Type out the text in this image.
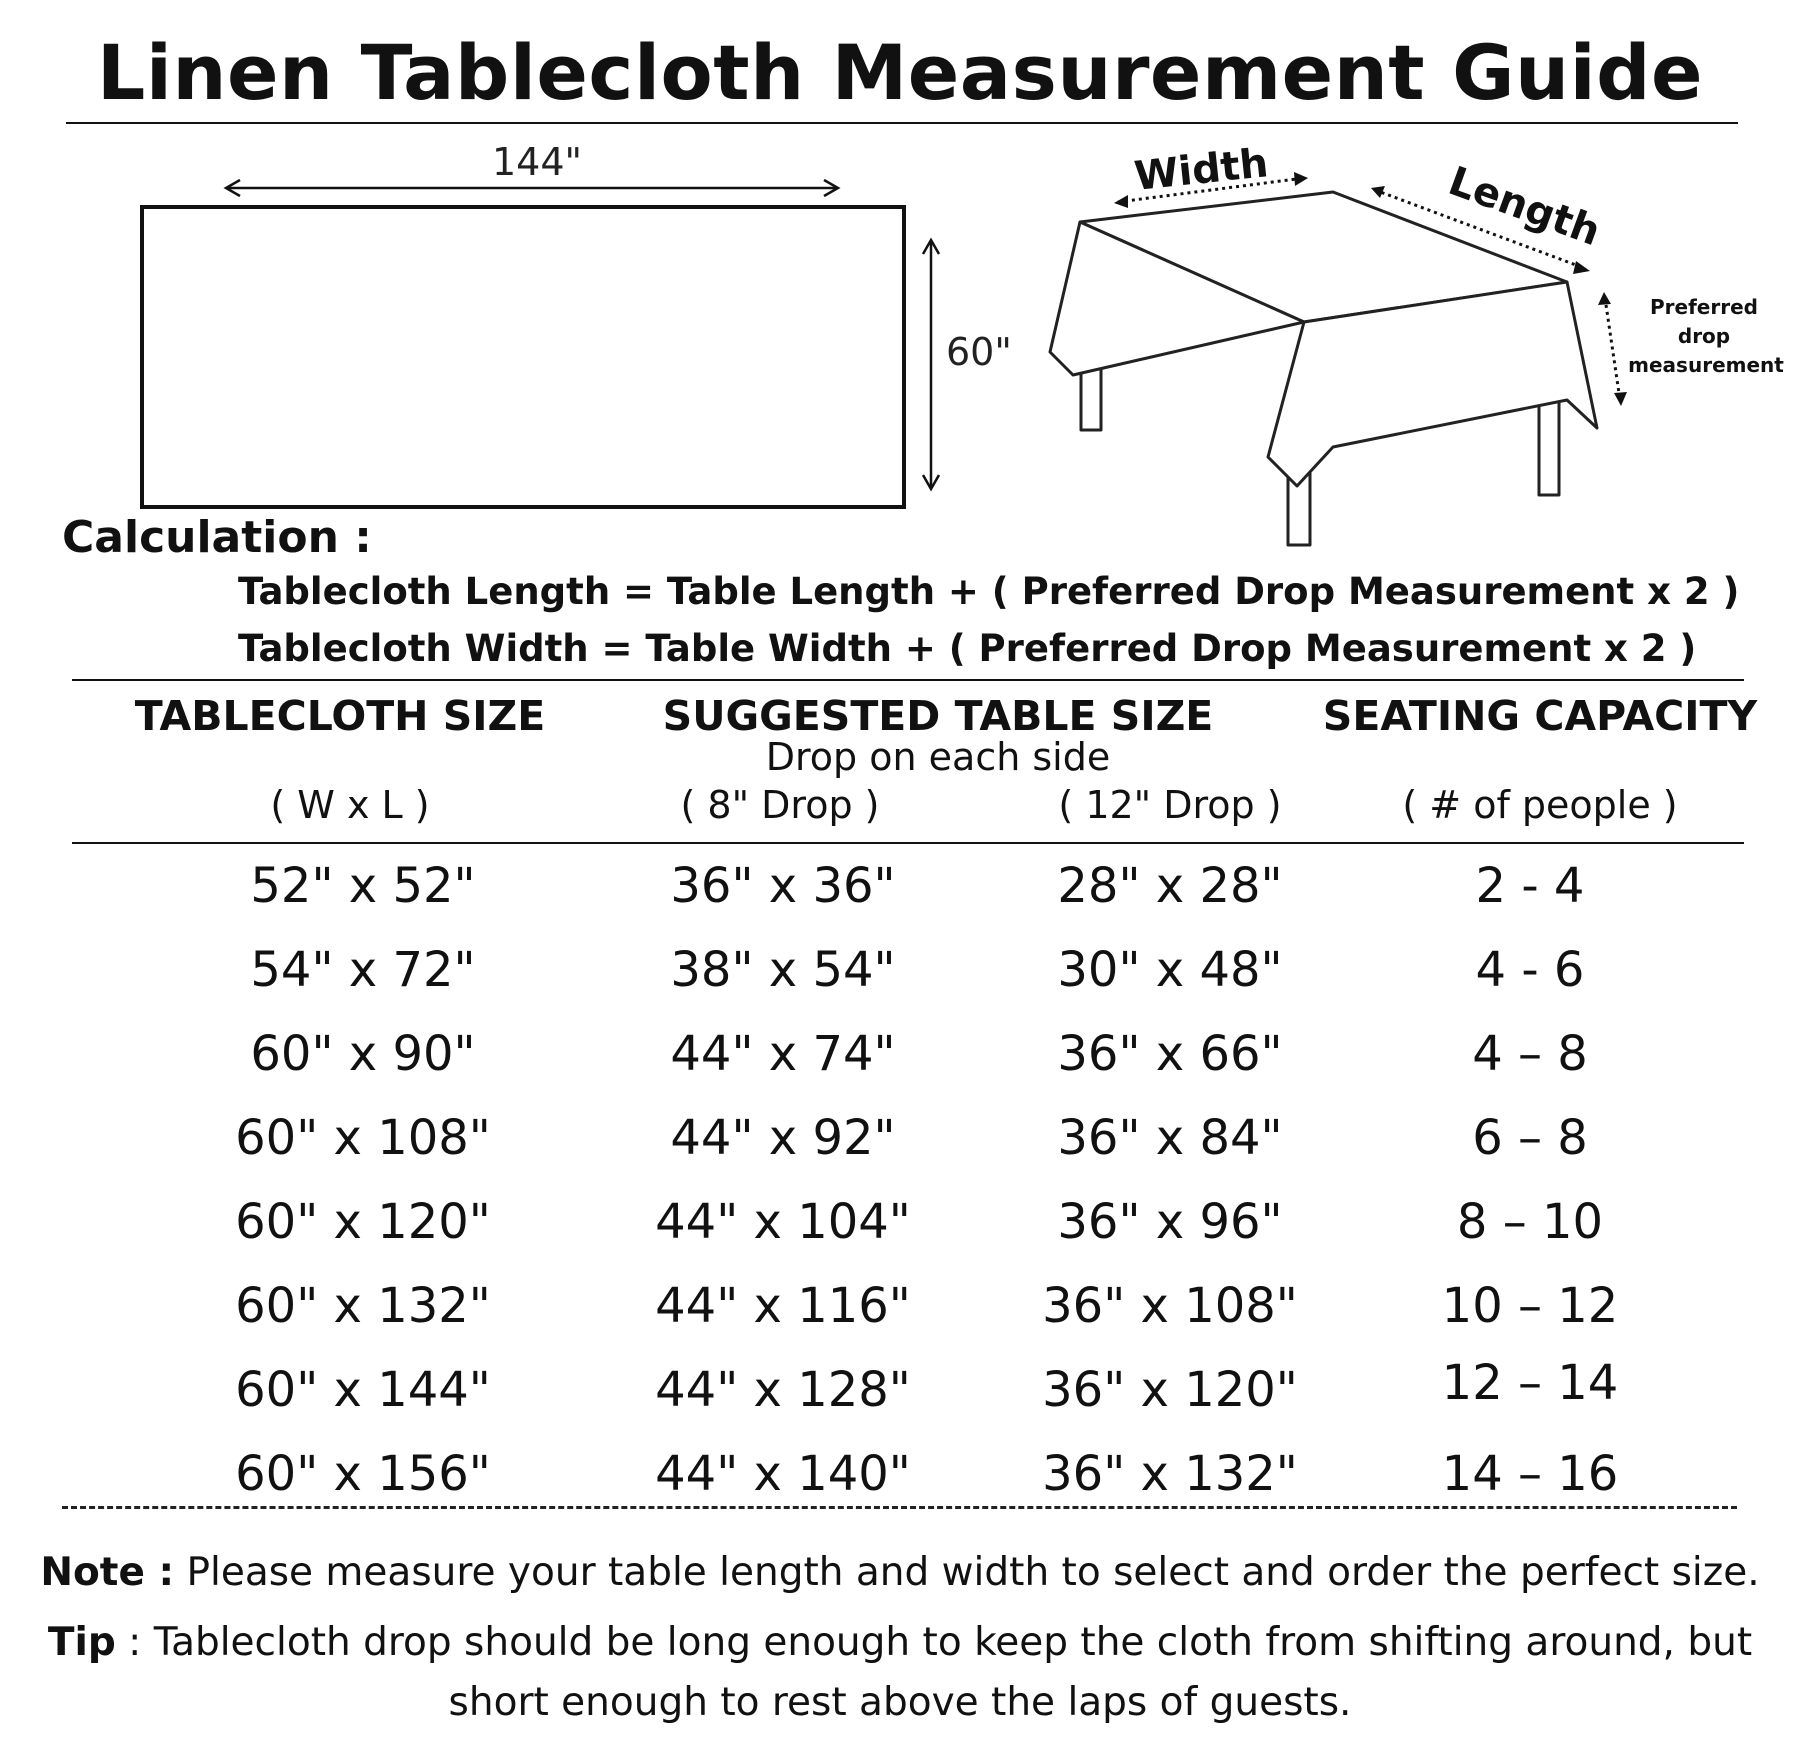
Linen Tablecloth Measurement Guide
144"
60"
Width	Length
Preferred
drop
measurement
Calculation :
Tablecloth Length = Table Length + ( Preferred Drop Measurement x 2 )
Tablecloth Width = Table Width + ( Preferred Drop Measurement x 2 )
TABLECLOTH SIZE	SUGGESTED TABLE SIZE	SEATING CAPACITY
Drop on each side
( W x L )	( 8" Drop )	( 12" Drop )	( # of people )
52" x 52"	36" x 36"	28" x 28"	2 - 4
54" x 72"	38" x 54"	30" x 48"	4 - 6
60" x 90"	44" x 74"	36" x 66"	4 – 8
60" x 108"	44" x 92"	36" x 84"	6 – 8
60" x 120"	44" x 104"	36" x 96"	8 – 10
60" x 132"	44" x 116"	36" x 108"	10 – 12
60" x 144"	44" x 128"	36" x 120"	12 – 14
60" x 156"	44" x 140"	36" x 132"	14 – 16
Note : Please measure your table length and width to select and order the perfect size.
Tip : Tablecloth drop should be long enough to keep the cloth from shifting around, but
short enough to rest above the laps of guests.
